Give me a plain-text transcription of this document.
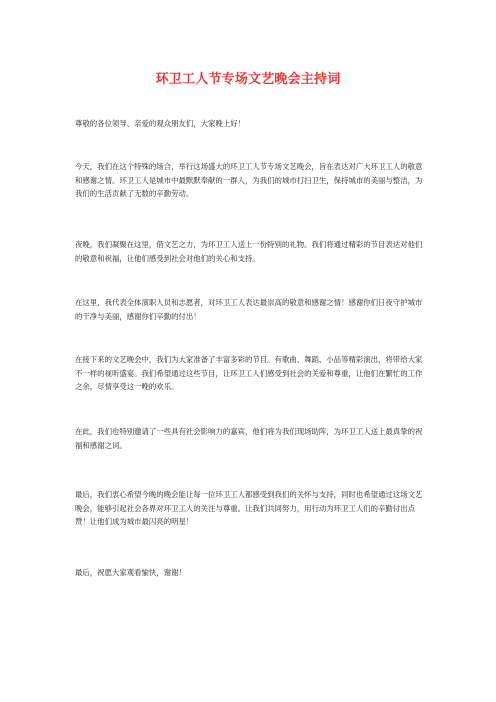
环卫工人节专场文艺晚会主持词

尊敬的各位领导、亲爱的观众朋友们，大家晚上好！

今天，我们在这个特殊的场合，举行这场盛大的环卫工人节专场文艺晚会，旨在表达对广大环卫工人的敬意和感谢之情。环卫工人是城市中最默默奉献的一群人，为我们的城市打扫卫生，保持城市的美丽与整洁，为我们的生活贡献了无数的辛勤劳动。

夜晚，我们凝聚在这里，借文艺之力，为环卫工人送上一份特别的礼物。我们将通过精彩的节目表达对他们的敬意和祝福，让他们感受到社会对他们的关心和支持。

在这里，我代表全体演职人员和志愿者，对环卫工人表达最崇高的敬意和感谢之情！感谢你们日夜守护城市的干净与美丽，感谢你们辛勤的付出！

在接下来的文艺晚会中，我们为大家准备了丰富多彩的节目。有歌曲、舞蹈、小品等精彩演出，将带给大家不一样的视听盛宴。我们希望通过这些节目，让环卫工人们感受到社会的关爱和尊重，让他们在繁忙的工作之余，尽情享受这一晚的欢乐。

在此，我们也特别邀请了一些具有社会影响力的嘉宾，他们将为我们现场助阵，为环卫工人送上最真挚的祝福和感谢之词。

最后，我们衷心希望今晚的晚会能让每一位环卫工人都感受到我们的关怀与支持，同时也希望通过这场文艺晚会，能够引起社会各界对环卫工人的关注与尊重。让我们共同努力，用行动为环卫工人们的辛勤付出点赞！让他们成为城市最闪亮的明星！

最后，祝愿大家观看愉快，谢谢！
